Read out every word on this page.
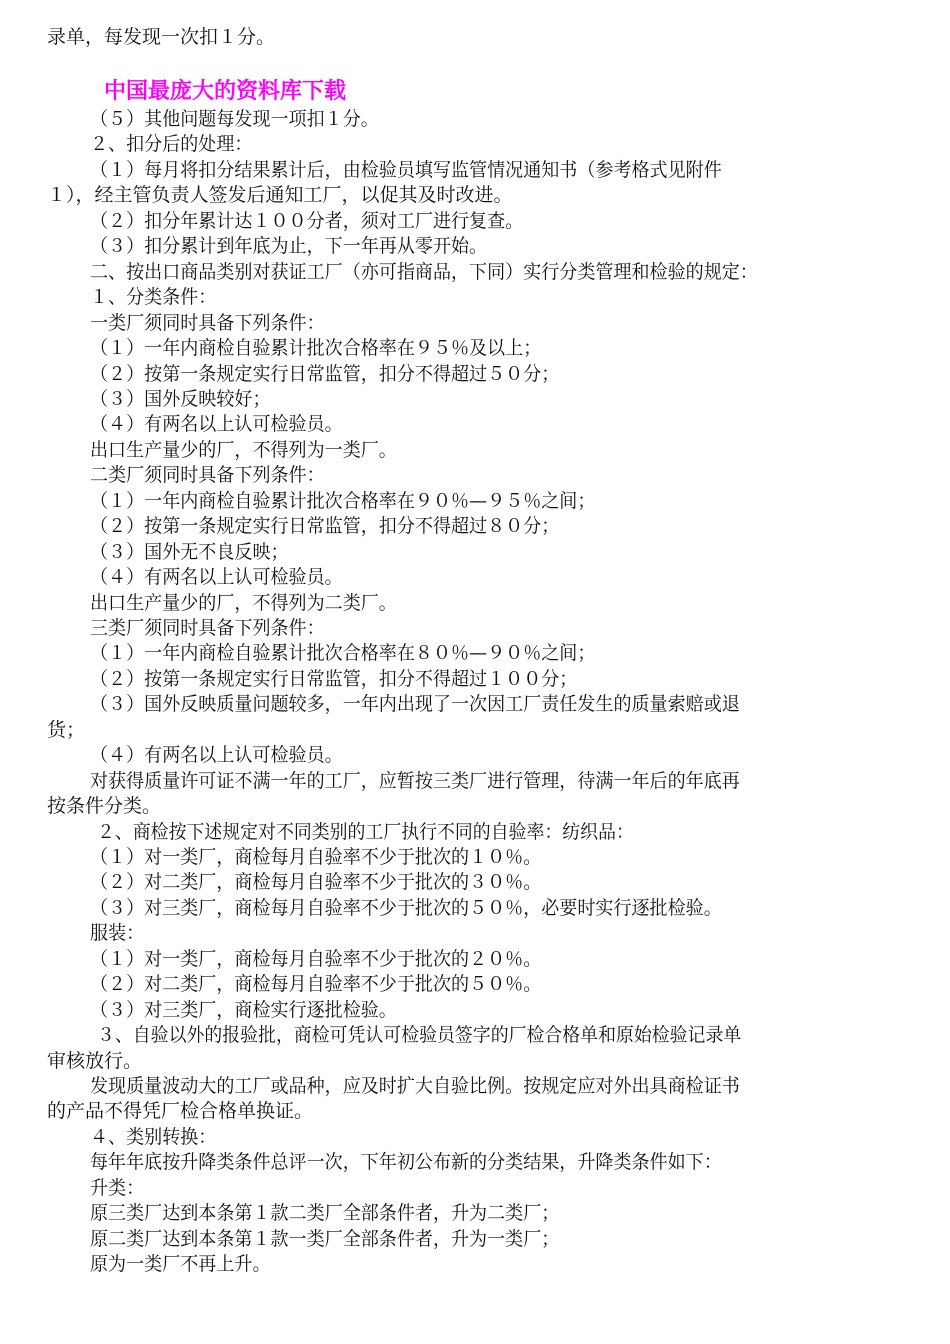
录单，每发现一次扣１分。
中国最庞大的资料库下载
（５）其他问题每发现一项扣１分。
２、扣分后的处理：
（１）每月将扣分结果累计后，由检验员填写监管情况通知书（参考格式见附件
１），经主管负责人签发后通知工厂，以促其及时改进。
（２）扣分年累计达１００分者，须对工厂进行复查。
（３）扣分累计到年底为止，下一年再从零开始。
二、按出口商品类别对获证工厂（亦可指商品，下同）实行分类管理和检验的规定：
１、分类条件：
一类厂须同时具备下列条件：
（１）一年内商检自验累计批次合格率在９５％及以上；
（２）按第一条规定实行日常监管，扣分不得超过５０分；
（３）国外反映较好；
（４）有两名以上认可检验员。
出口生产量少的厂，不得列为一类厂。
二类厂须同时具备下列条件：
（１）一年内商检自验累计批次合格率在９０％—９５％之间；
（２）按第一条规定实行日常监管，扣分不得超过８０分；
（３）国外无不良反映；
（４）有两名以上认可检验员。
出口生产量少的厂，不得列为二类厂。
三类厂须同时具备下列条件：
（１）一年内商检自验累计批次合格率在８０％—９０％之间；
（２）按第一条规定实行日常监管，扣分不得超过１００分；
（３）国外反映质量问题较多，一年内出现了一次因工厂责任发生的质量索赔或退
货；
（４）有两名以上认可检验员。
对获得质量许可证不满一年的工厂，应暂按三类厂进行管理，待满一年后的年底再
按条件分类。
２、商检按下述规定对不同类别的工厂执行不同的自验率：纺织品：
（１）对一类厂，商检每月自验率不少于批次的１０％。
（２）对二类厂，商检每月自验率不少于批次的３０％。
（３）对三类厂，商检每月自验率不少于批次的５０％，必要时实行逐批检验。
服装：
（１）对一类厂，商检每月自验率不少于批次的２０％。
（２）对二类厂，商检每月自验率不少于批次的５０％。
（３）对三类厂，商检实行逐批检验。
３、自验以外的报验批，商检可凭认可检验员签字的厂检合格单和原始检验记录单
审核放行。
发现质量波动大的工厂或品种，应及时扩大自验比例。按规定应对外出具商检证书
的产品不得凭厂检合格单换证。
４、类别转换：
每年年底按升降类条件总评一次，下年初公布新的分类结果，升降类条件如下：
升类：
原三类厂达到本条第１款二类厂全部条件者，升为二类厂；
原二类厂达到本条第１款一类厂全部条件者，升为一类厂；
原为一类厂不再上升。
